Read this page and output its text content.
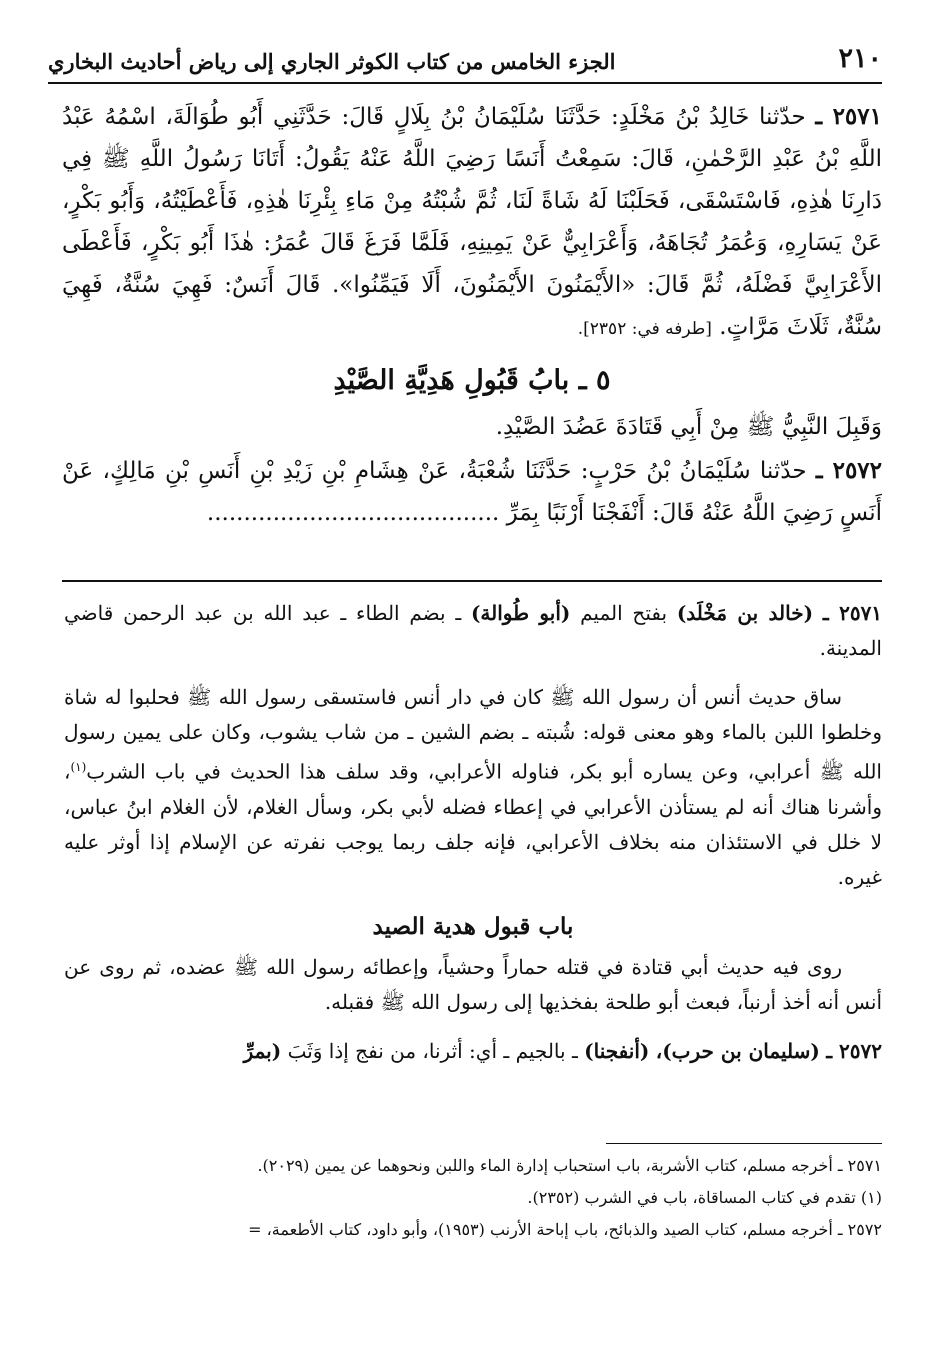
٢١٠
الجزء الخامس من كتاب الكوثر الجاري إلى رياض أحاديث البخاري

٢٥٧١ ـ حدّثنا خَالِدُ بْنُ مَخْلَدٍ: حَدَّثَنَا سُلَيْمَانُ بْنُ بِلَالٍ قَالَ: حَدَّثَنِي أَبُو طُوَالَةَ، اسْمُهُ عَبْدُ اللَّهِ بْنُ عَبْدِ الرَّحْمٰنِ، قَالَ: سَمِعْتُ أَنَسًا رَضِيَ اللَّهُ عَنْهُ يَقُولُ: أَتَانَا رَسُولُ اللَّهِ ﷺ فِي دَارِنَا هٰذِهِ، فَاسْتَسْقَى، فَحَلَبْنَا لَهُ شَاةً لَنَا، ثُمَّ شُبْتُهُ مِنْ مَاءِ بِئْرِنَا هٰذِهِ، فَأَعْطَيْتُهُ، وَأَبُو بَكْرٍ، عَنْ يَسَارِهِ، وَعُمَرُ تُجَاهَهُ، وَأَعْرَابِيٌّ عَنْ يَمِينِهِ، فَلَمَّا فَرَغَ قَالَ عُمَرُ: هٰذَا أَبُو بَكْرٍ، فَأَعْطَى الأَعْرَابِيَّ فَضْلَهُ، ثُمَّ قَالَ: «الأَيْمَنُونَ الأَيْمَنُونَ، أَلَا فَيَمِّنُوا». قَالَ أَنَسٌ: فَهِيَ سُنَّةٌ، فَهِيَ سُنَّةٌ، ثَلَاثَ مَرَّاتٍ. [طرفه في: ٢٣٥٢].

٥ ـ بابُ قَبُولِ هَدِيَّةِ الصَّيْدِ

وَقَبِلَ النَّبِيُّ ﷺ مِنْ أَبِي قَتَادَةَ عَضُدَ الصَّيْدِ.

٢٥٧٢ ـ حدّثنا سُلَيْمَانُ بْنُ حَرْبٍ: حَدَّثَنَا شُعْبَةُ، عَنْ هِشَامِ بْنِ زَيْدِ بْنِ أَنَسِ بْنِ مَالِكٍ، عَنْ أَنَسٍ رَضِيَ اللَّهُ عَنْهُ قَالَ: أَنْفَجْنَا أَرْنَبًا بِمَرِّ ........................................

٢٥٧١ ـ (خالد بن مَخْلَد) بفتح الميم (أبو طُوالة) ـ بضم الطاء ـ عبد الله بن عبد الرحمن قاضي المدينة.

ساق حديث أنس أن رسول الله ﷺ كان في دار أنس فاستسقى رسول الله ﷺ فحلبوا له شاة وخلطوا اللبن بالماء وهو معنى قوله: شُبته ـ بضم الشين ـ من شاب يشوب، وكان على يمين رسول الله ﷺ أعرابي، وعن يساره أبو بكر، فناوله الأعرابي، وقد سلف هذا الحديث في باب الشرب$^{(١)}$، وأشرنا هناك أنه لم يستأذن الأعرابي في إعطاء فضله لأبي بكر، وسأل الغلام، لأن الغلام ابنُ عباس، لا خلل في الاستئذان منه بخلاف الأعرابي، فإنه جلف ربما يوجب نفرته عن الإسلام إذا أوثر عليه غيره.

باب قبول هدية الصيد

روى فيه حديث أبي قتادة في قتله حماراً وحشياً، وإعطائه رسول الله ﷺ عضده، ثم روى عن أنس أنه أخذ أرنباً، فبعث أبو طلحة بفخذيها إلى رسول الله ﷺ فقبله.

٢٥٧٢ ـ (سليمان بن حرب)، (أنفجنا) ـ بالجيم ـ أي: أثرنا، من نفج إذا وَثَبَ (بمرِّ

٢٥٧١ ـ أخرجه مسلم، كتاب الأشربة، باب استحباب إدارة الماء واللبن ونحوهما عن يمين (٢٠٢٩).

(١) تقدم في كتاب المساقاة، باب في الشرب (٢٣٥٢).

٢٥٧٢ ـ أخرجه مسلم، كتاب الصيد والذبائح، باب إباحة الأرنب (١٩٥٣)، وأبو داود، كتاب الأطعمة، =
